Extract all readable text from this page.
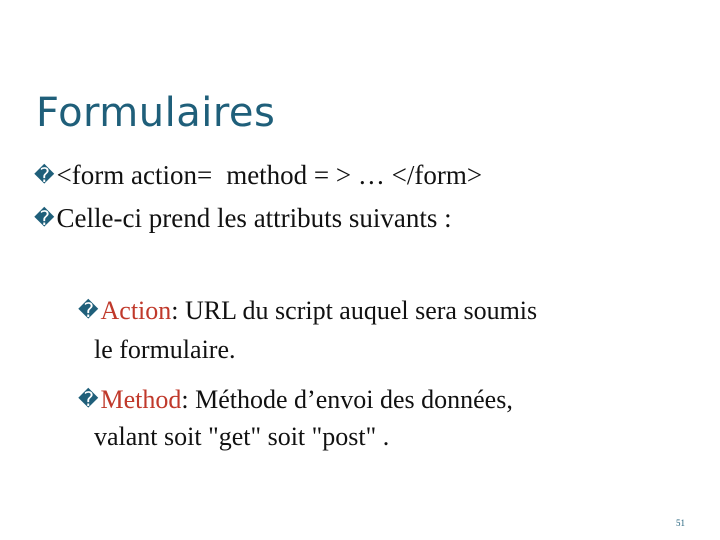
Formulaires
�<form action= method = > … </form>
�Celle-ci prend les attributs suivants :
�Action: URL du script auquel sera soumis
le formulaire.
�Method: Méthode d’envoi des données,
valant soit "get" soit "post" .
51
